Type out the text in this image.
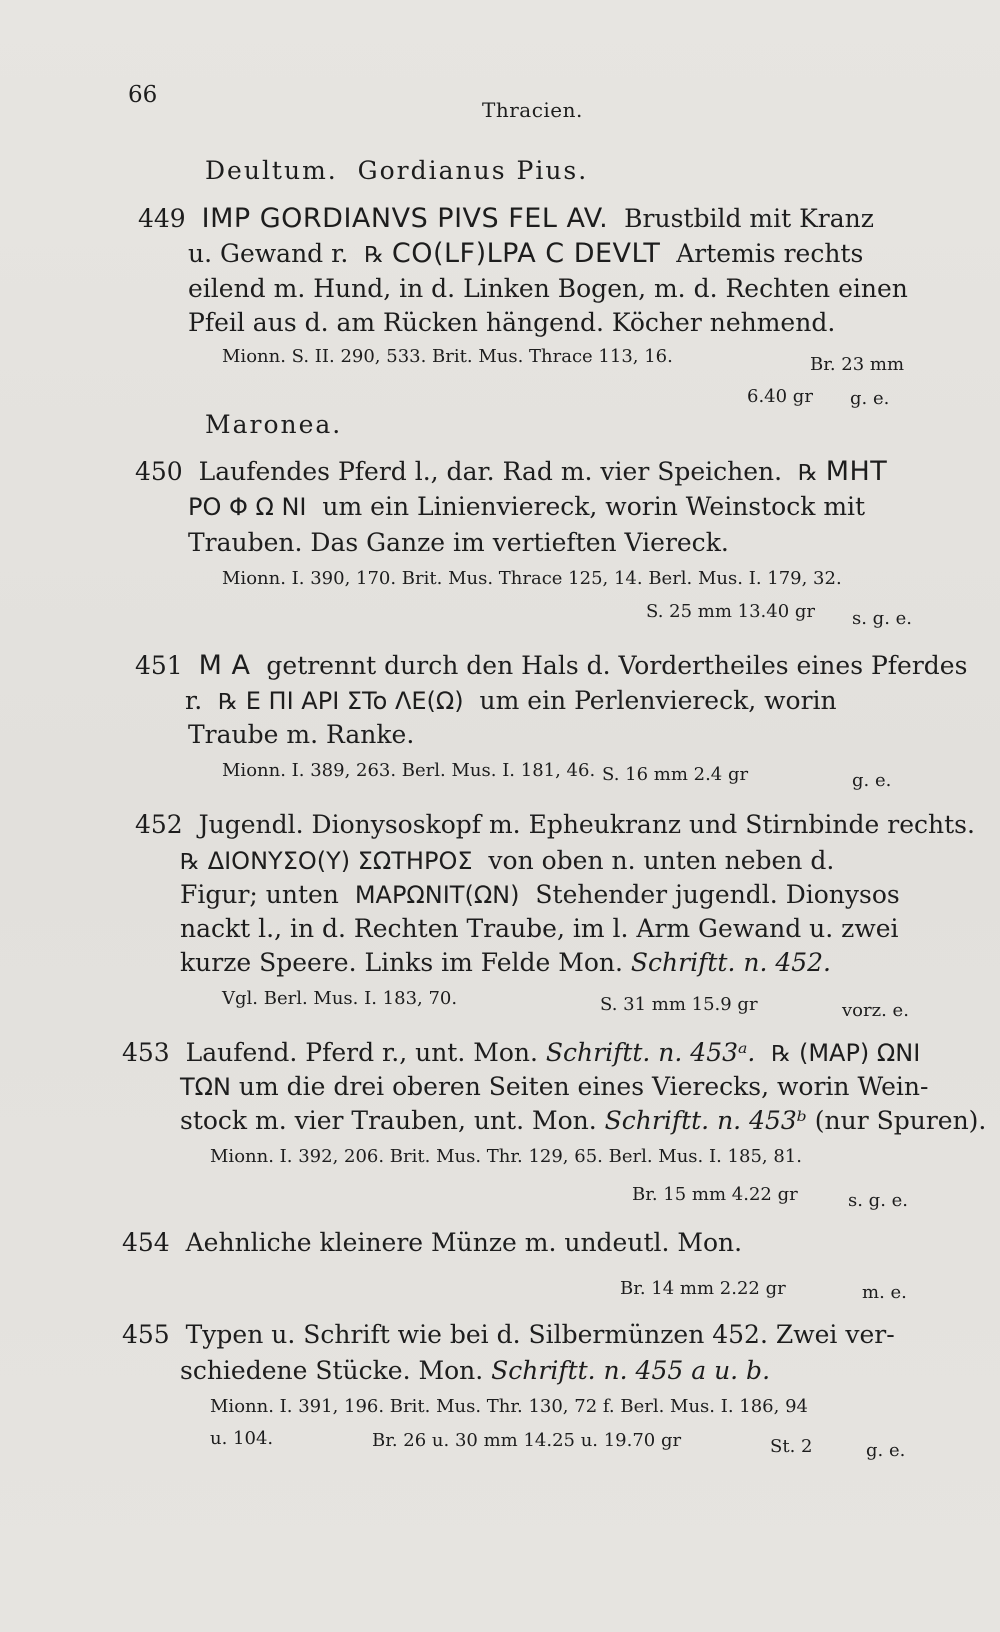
66
Thracien.
Deultum. Gordianus Pius.
449 IMP GORDIANVS PIVS FEL AV. Brustbild mit Kranz
u. Gewand r. ℞ CO(LF)LPA C DEVLT Artemis rechts
eilend m. Hund, in d. Linken Bogen, m. d. Rechten einen
Pfeil aus d. am Rücken hängend. Köcher nehmend.
Mionn. S. II. 290, 533. Brit. Mus. Thrace 113, 16.	Br. 23 mm
6.40 gr g. e.
Maronea.
450 Laufendes Pferd l., dar. Rad m. vier Speichen. ℞ MHT
PO Φ Ω NI um ein Linienviereck, worin Weinstock mit
Trauben. Das Ganze im vertieften Viereck.
Mionn. I. 390, 170. Brit. Mus. Thrace 125, 14. Berl. Mus. I. 179, 32.
S. 25 mm 13.40 gr s. g. e.
451 M A getrennt durch den Hals d. Vordertheiles eines Pferdes
r. ℞ E ΠI API ΣTo ΛE(Ω) um ein Perlenviereck, worin
Traube m. Ranke.
Mionn. I. 389, 263. Berl. Mus. I. 181, 46. S. 16 mm 2.4 gr	g. e.
452 Jugendl. Dionysoskopf m. Epheukranz und Stirnbinde rechts.
℞ ΔIONYΣO(Y) ΣΩTHPOΣ von oben n. unten neben d.
Figur; unten MAPΩNIT(ΩN) Stehender jugendl. Dionysos
nackt l., in d. Rechten Traube, im l. Arm Gewand u. zwei
kurze Speere. Links im Felde Mon. Schriftt. n. 452.
Vgl. Berl. Mus. I. 183, 70.	S. 31 mm 15.9 gr	vorz. e.
453 Laufend. Pferd r., unt. Mon. Schriftt. n. 453ᵃ. ℞ (MAP) ΩNI
TΩN um die drei oberen Seiten eines Vierecks, worin Wein-
stock m. vier Trauben, unt. Mon. Schriftt. n. 453ᵇ (nur Spuren).
Mionn. I. 392, 206. Brit. Mus. Thr. 129, 65. Berl. Mus. I. 185, 81.
Br. 15 mm 4.22 gr	s. g. e.
454 Aehnliche kleinere Münze m. undeutl. Mon.
Br. 14 mm 2.22 gr	m. e.
455 Typen u. Schrift wie bei d. Silbermünzen 452. Zwei ver-
schiedene Stücke. Mon. Schriftt. n. 455 a u. b.
Mionn. I. 391, 196. Brit. Mus. Thr. 130, 72 f. Berl. Mus. I. 186, 94
u. 104.	Br. 26 u. 30 mm 14.25 u. 19.70 gr	St. 2	g. e.
